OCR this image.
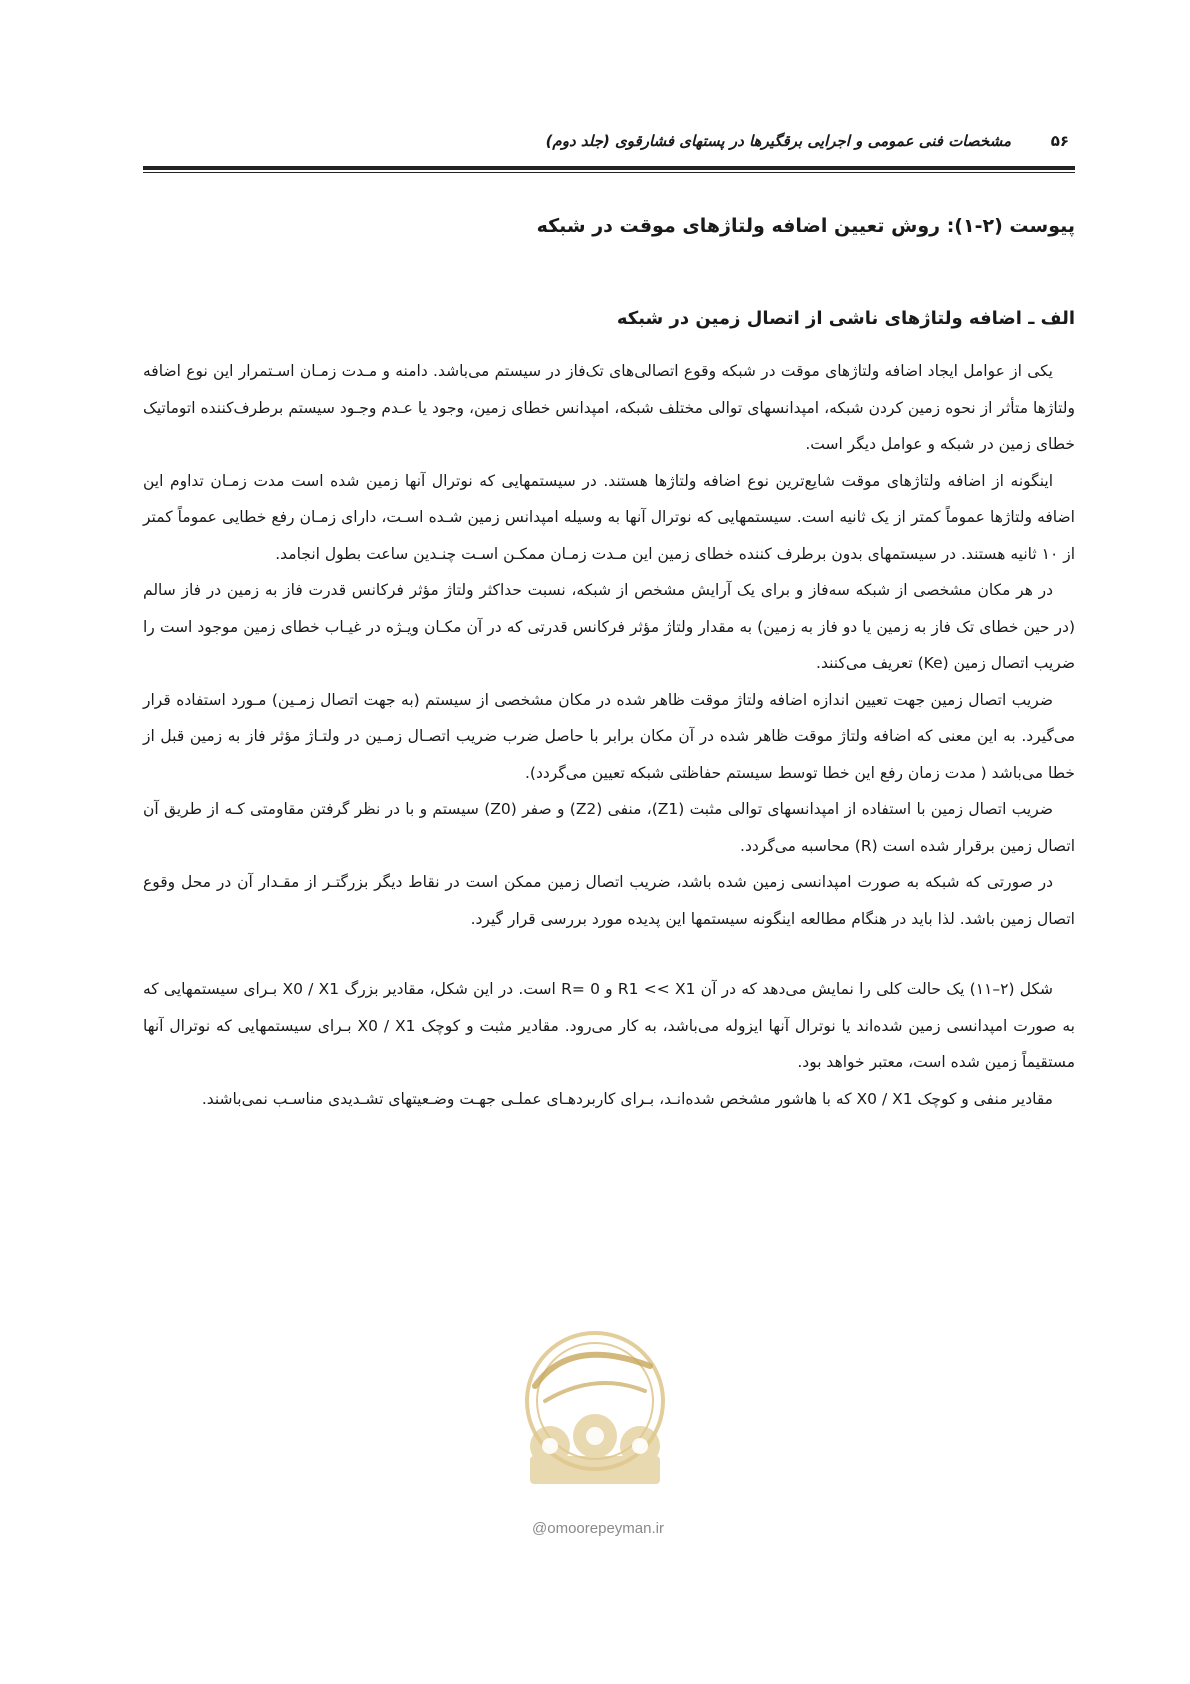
۵۶
مشخصات فنی عمومی و اجرایی برقگیرها در پستهای فشارقوی (جلد دوم)
پیوست (۲-۱): روش تعیین اضافه ولتاژهای موقت در شبکه
الف ـ اضافه ولتاژهای ناشی از اتصال زمین در شبکه

یکی از عوامل ایجاد اضافه ولتاژهای موقت در شبکه وقوع اتصالی‌های تک‌فاز در سیستم می‌باشد. دامنه و مـدت زمـان اسـتمرار این نوع اضافه ولتاژها متأثر از نحوه زمین کردن شبکه، امپدانسهای توالی مختلف شبکه، امپدانس خطای زمین، وجود یا عـدم وجـود سیستم برطرف‌کننده اتوماتیک خطای زمین در شبکه و عوامل دیگر است.

اینگونه از اضافه ولتاژهای موقت شایع‌ترین نوع اضافه ولتاژها هستند. در سیستمهایی که نوترال آنها زمین شده است مدت زمـان تداوم این اضافه ولتاژها عموماً کمتر از یک ثانیه است. سیستمهایی که نوترال آنها به وسیله امپدانس زمین شـده اسـت، دارای زمـان رفع خطایی عموماً کمتر از ۱۰ ثانیه هستند. در سیستمهای بدون برطرف کننده خطای زمین این مـدت زمـان ممکـن اسـت چنـدین ساعت بطول انجامد.

در هر مکان مشخصی از شبکه سه‌فاز و برای یک آرایش مشخص از شبکه، نسبت حداکثر ولتاژ مؤثر فرکانس قدرت فاز به زمین در فاز سالم (در حین خطای تک فاز به زمین یا دو فاز به زمین) به مقدار ولتاژ مؤثر فرکانس قدرتی که در آن مکـان ویـژه در غیـاب خطای زمین موجود است را ضریب اتصال زمین (Ke) تعریف می‌کنند.

ضریب اتصال زمین جهت تعیین اندازه اضافه ولتاژ موقت ظاهر شده در مکان مشخصی از سیستم (به جهت اتصال زمـین) مـورد استفاده قرار می‌گیرد. به این معنی که اضافه ولتاژ موقت ظاهر شده در آن مکان برابر با حاصل ضرب ضریب اتصـال زمـین در ولتـاژ مؤثر فاز به زمین قبل از خطا می‌باشد ( مدت زمان رفع این خطا توسط سیستم حفاظتی شبکه تعیین می‌گردد).

ضریب اتصال زمین با استفاده از امپدانسهای توالی مثبت (Z1)، منفی (Z2) و صفر (Z0) سیستم و با در نظر گرفتن مقاومتی کـه از طریق آن اتصال زمین برقرار شده است (R) محاسبه می‌گردد.

در صورتی که شبکه به صورت امپدانسی زمین شده باشد، ضریب اتصال زمین ممکن است در نقاط دیگر بزرگتـر از مقـدار آن در محل وقوع اتصال زمین باشد. لذا باید در هنگام مطالعه اینگونه سیستمها این پدیده مورد بررسی قرار گیرد.

شکل (۲–۱۱) یک حالت کلی را نمایش می‌دهد که در آن R1 << X1 و R= 0 است. در این شکل، مقادیر بزرگ X0 / X1 بـرای سیستمهایی که به صورت امپدانسی زمین شده‌اند یا نوترال آنها ایزوله می‌باشد، به کار می‌رود. مقادیر مثبت و کوچک X0 / X1 بـرای سیستمهایی که نوترال آنها مستقیماً زمین شده است، معتبر خواهد بود.

مقادیر منفی و کوچک X0 / X1 که با هاشور مشخص شده‌انـد، بـرای کاربردهـای عملـی جهـت وضـعیتهای تشـدیدی مناسـب نمی‌باشند.

@omoorepeyman.ir
